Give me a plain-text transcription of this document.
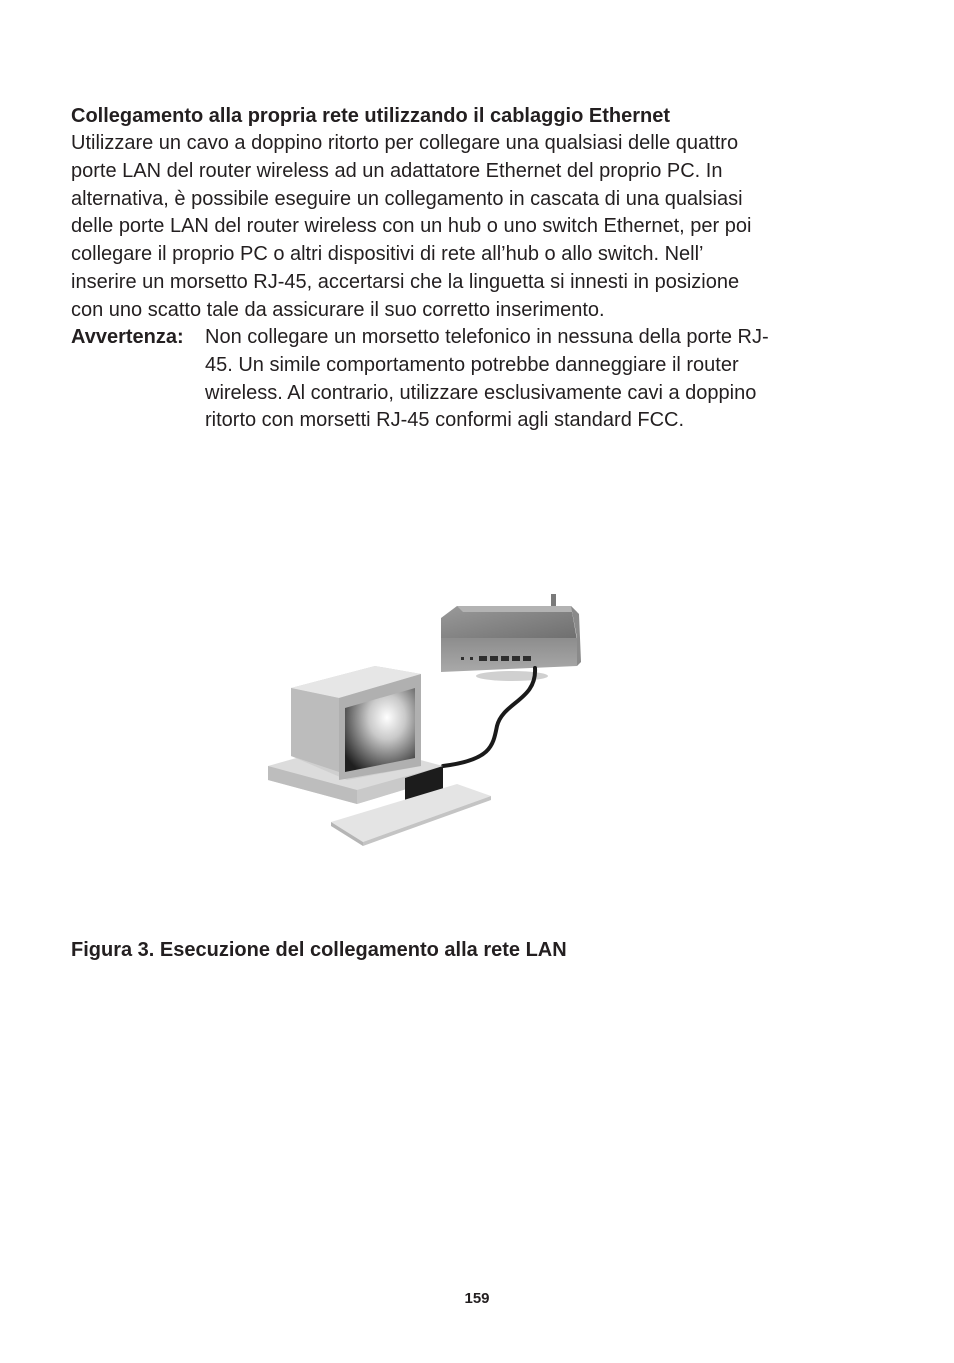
Collegamento alla propria rete utilizzando il cablaggio Ethernet
Utilizzare un cavo a doppino ritorto per collegare una qualsiasi delle quattro
porte LAN del router wireless ad un adattatore Ethernet del proprio PC. In
alternativa, è possibile eseguire un collegamento in cascata di una qualsiasi
delle porte LAN del router wireless con un hub o uno switch Ethernet, per poi
collegare il proprio PC o altri dispositivi di rete all’hub o allo switch. Nell’
inserire un morsetto RJ-45, accertarsi che la linguetta si innesti in posizione
con uno scatto tale da assicurare il suo corretto inserimento.
Avvertenza: Non collegare un morsetto telefonico in nessuna della porte RJ-
45. Un simile comportamento potrebbe danneggiare il router
wireless. Al contrario, utilizzare esclusivamente cavi a doppino
ritorto con morsetti RJ-45 conformi agli standard FCC.

Figura 3. Esecuzione del collegamento alla rete LAN

159
